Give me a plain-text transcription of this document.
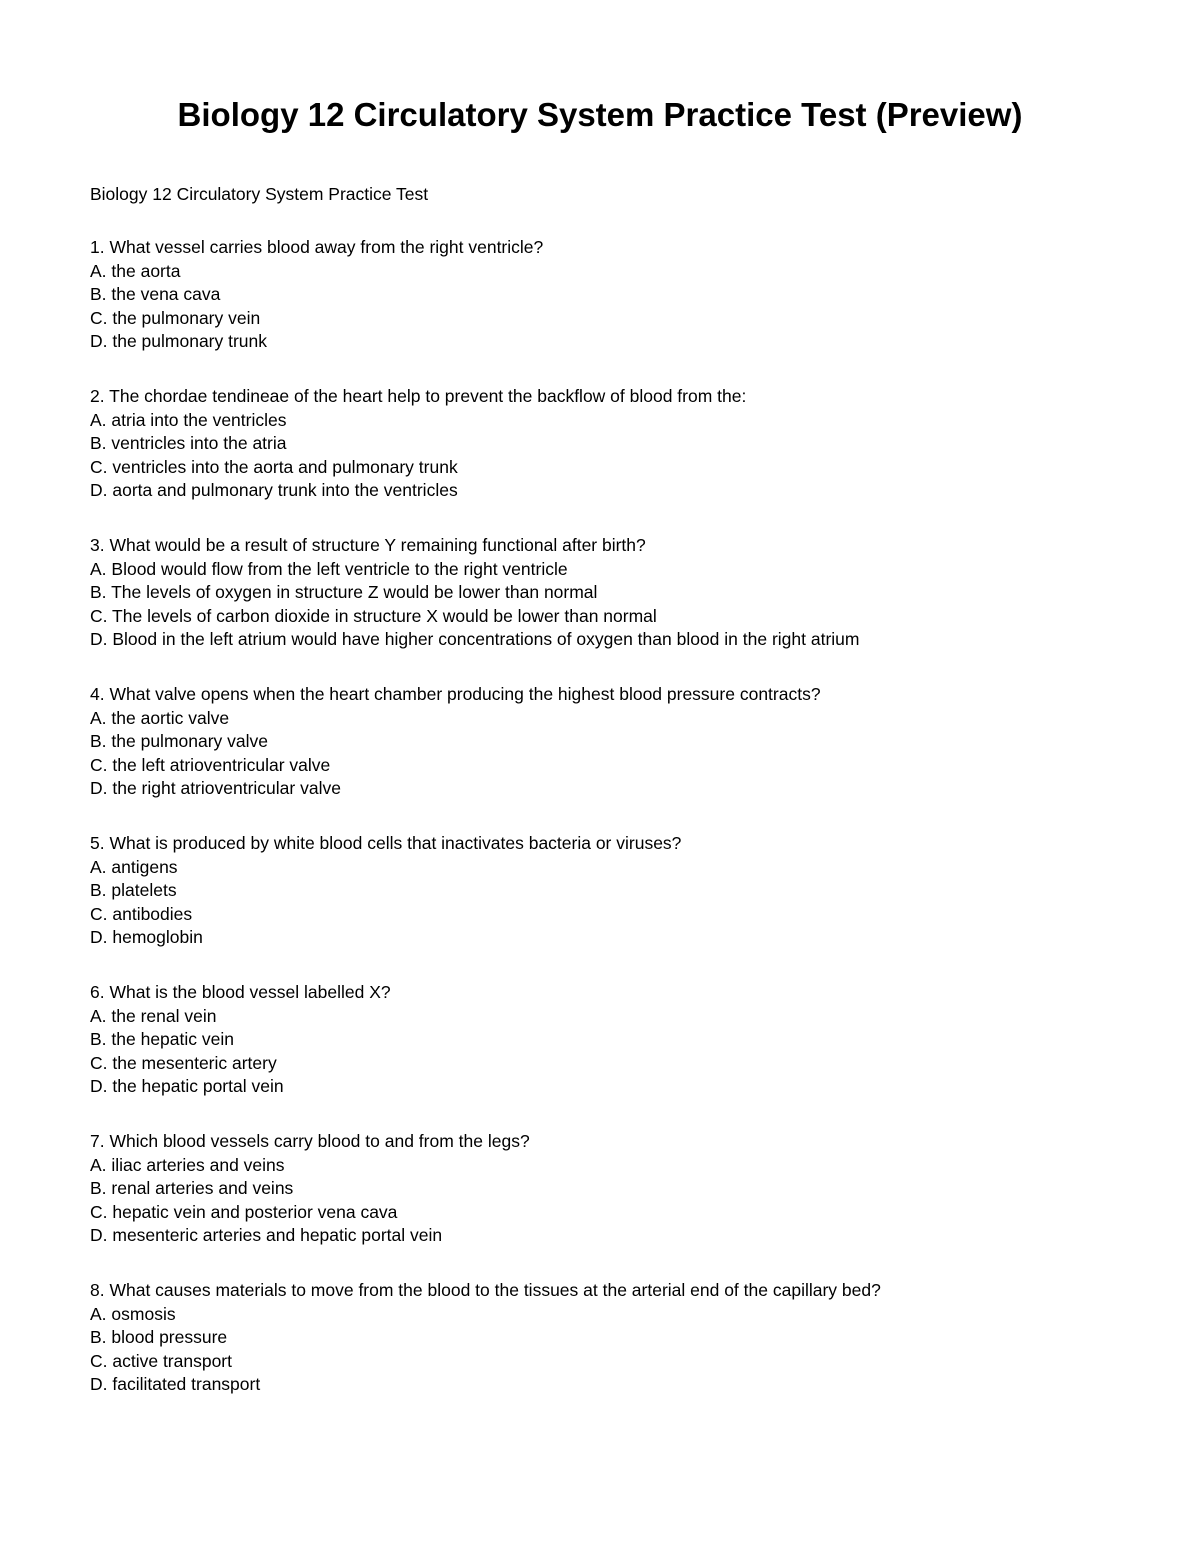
Biology 12 Circulatory System Practice Test (Preview)

Biology 12 Circulatory System Practice Test

1. What vessel carries blood away from the right ventricle?
A. the aorta
B. the vena cava
C. the pulmonary vein
D. the pulmonary trunk
2. The chordae tendineae of the heart help to prevent the backflow of blood from the:
A. atria into the ventricles
B. ventricles into the atria
C. ventricles into the aorta and pulmonary trunk
D. aorta and pulmonary trunk into the ventricles
3. What would be a result of structure Y remaining functional after birth?
A. Blood would flow from the left ventricle to the right ventricle
B. The levels of oxygen in structure Z would be lower than normal
C. The levels of carbon dioxide in structure X would be lower than normal
D. Blood in the left atrium would have higher concentrations of oxygen than blood in the right atrium
4. What valve opens when the heart chamber producing the highest blood pressure contracts?
A. the aortic valve
B. the pulmonary valve
C. the left atrioventricular valve
D. the right atrioventricular valve
5. What is produced by white blood cells that inactivates bacteria or viruses?
A. antigens
B. platelets
C. antibodies
D. hemoglobin
6. What is the blood vessel labelled X?
A. the renal vein
B. the hepatic vein
C. the mesenteric artery
D. the hepatic portal vein
7. Which blood vessels carry blood to and from the legs?
A. iliac arteries and veins
B. renal arteries and veins
C. hepatic vein and posterior vena cava
D. mesenteric arteries and hepatic portal vein
8. What causes materials to move from the blood to the tissues at the arterial end of the capillary bed?
A. osmosis
B. blood pressure
C. active transport
D. facilitated transport
